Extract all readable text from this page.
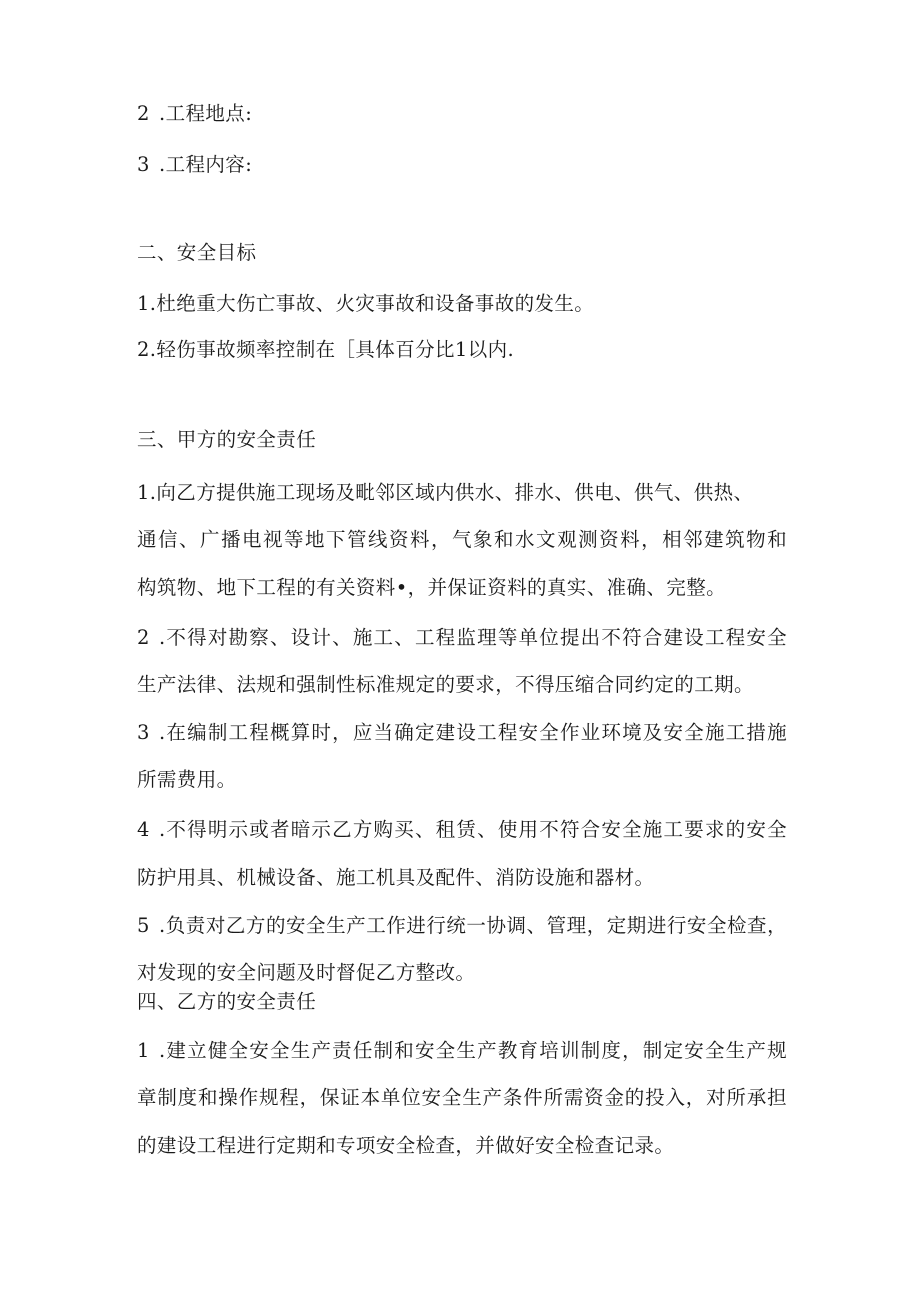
2 .工程地点:
3 .工程内容:
二、安全目标
1.杜绝重大伤亡事故、火灾事故和设备事故的发生。
2.轻伤事故频率控制在［具体百分比1以内.
三、甲方的安全责任
1.向乙方提供施工现场及毗邻区域内供水、排水、供电、供气、供热、
通信、广播电视等地下管线资料，气象和水文观测资料，相邻建筑物和
构筑物、地下工程的有关资料•，并保证资料的真实、准确、完整。
2 .不得对勘察、设计、施工、工程监理等单位提出不符合建设工程安全
生产法律、法规和强制性标准规定的要求，不得压缩合同约定的工期。
3 .在编制工程概算时，应当确定建设工程安全作业环境及安全施工措施
所需费用。
4 .不得明示或者暗示乙方购买、租赁、使用不符合安全施工要求的安全
防护用具、机械设备、施工机具及配件、消防设施和器材。
5 .负责对乙方的安全生产工作进行统一协调、管理，定期进行安全检查，
对发现的安全问题及时督促乙方整改。
四、乙方的安全责任
1 .建立健全安全生产责任制和安全生产教育培训制度，制定安全生产规
章制度和操作规程，保证本单位安全生产条件所需资金的投入，对所承担
的建设工程进行定期和专项安全检查，并做好安全检查记录。
